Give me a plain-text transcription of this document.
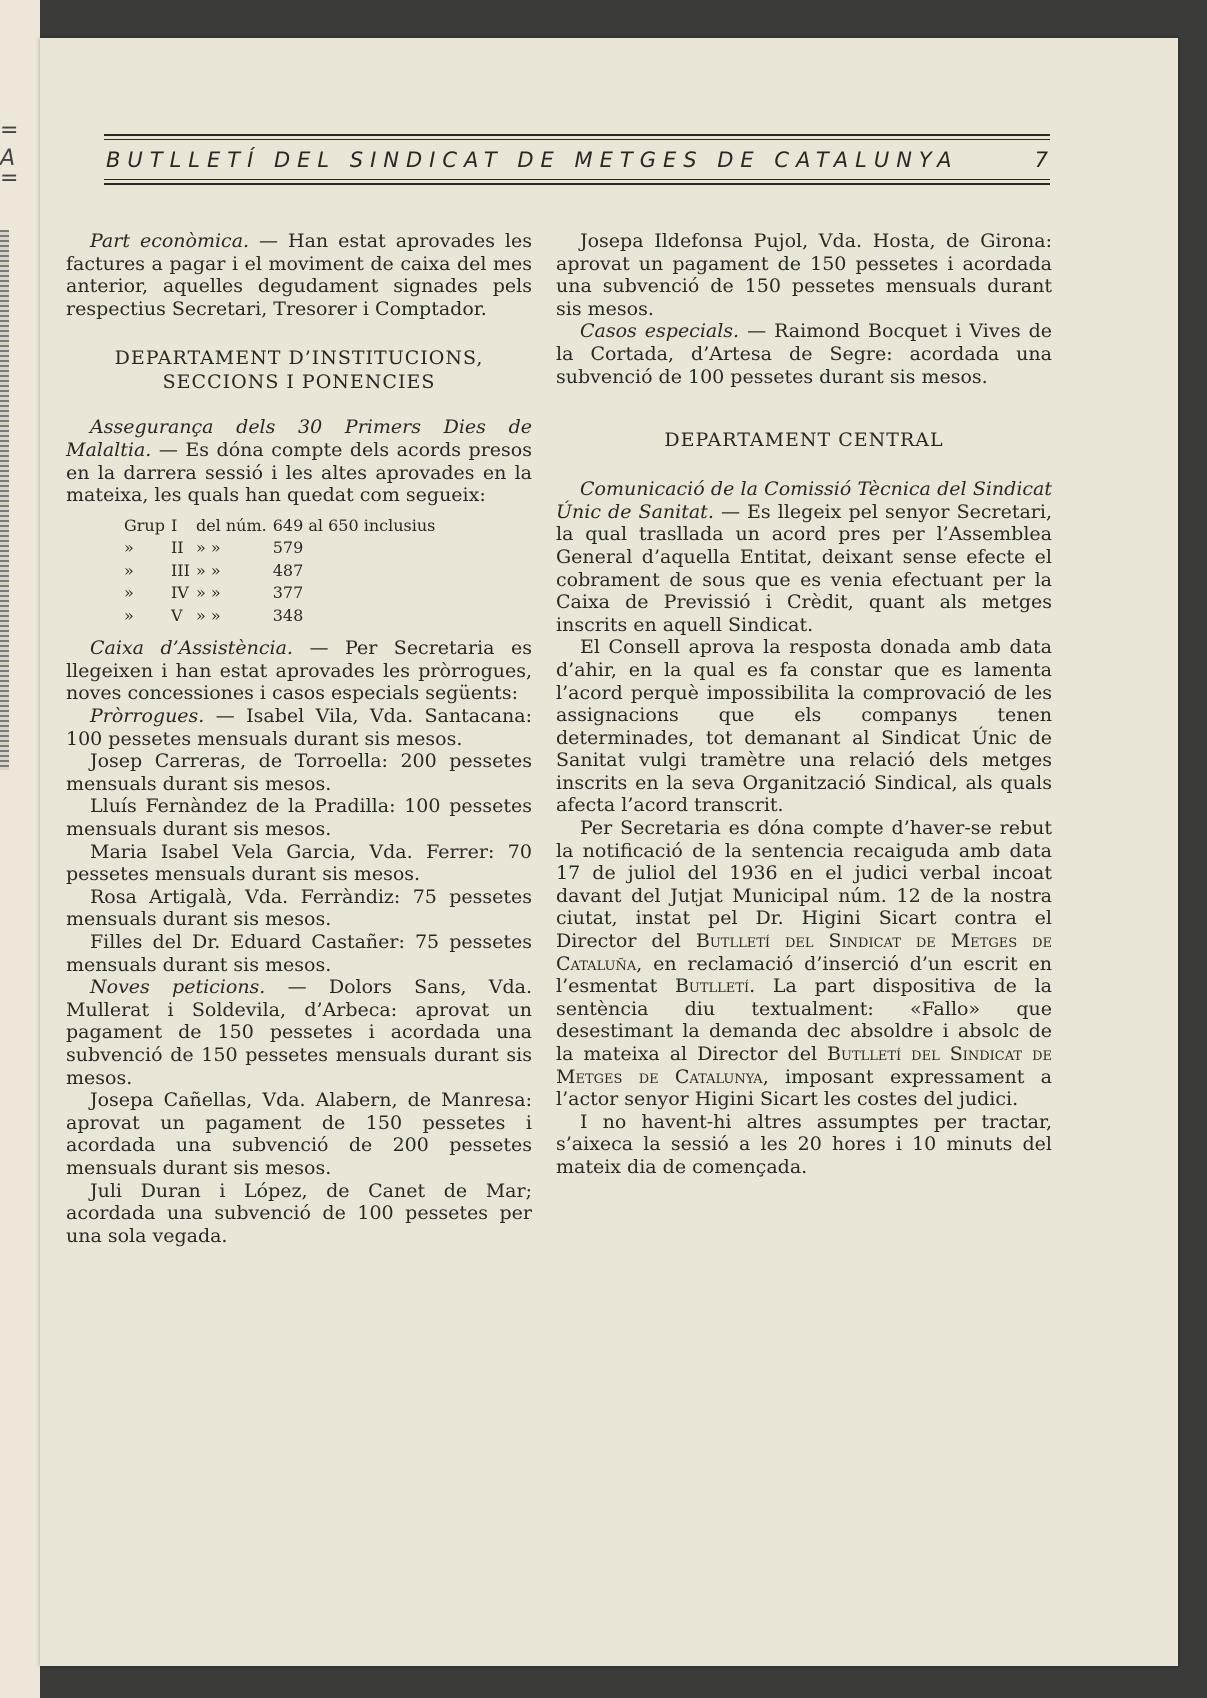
=
A
=
BUTLLETÍ DEL SINDICAT DE METGES DE CATALUNYA	7

Part econòmica. — Han estat aprovades les factures a pagar i el moviment de caixa del mes anterior, aquelles degudament signades pels respectius Secretari, Tresorer i Comptador.

DEPARTAMENT D’INSTITUCIONS,
SECCIONS I PONENCIES

Assegurança dels 30 Primers Dies de Malaltia. — Es dóna compte dels acords presos en la darrera sessió i les altes aprovades en la mateixa, les quals han quedat com segueix:

Grup	I	del núm.	649 al 650 inclusius
»	II	» »	579
»	III	» »	487
»	IV	» »	377
»	V	» »	348

Caixa d’Assistència. — Per Secretaria es llegeixen i han estat aprovades les pròrrogues, noves concessiones i casos especials següents:

Pròrrogues. — Isabel Vila, Vda. Santacana: 100 pessetes mensuals durant sis mesos.

Josep Carreras, de Torroella: 200 pessetes mensuals durant sis mesos.

Lluís Fernàndez de la Pradilla: 100 pessetes mensuals durant sis mesos.

Maria Isabel Vela Garcia, Vda. Ferrer: 70 pessetes mensuals durant sis mesos.

Rosa Artigalà, Vda. Ferràndiz: 75 pessetes mensuals durant sis mesos.

Filles del Dr. Eduard Castañer: 75 pessetes mensuals durant sis mesos.

Noves peticions. — Dolors Sans, Vda. Mullerat i Soldevila, d’Arbeca: aprovat un pagament de 150 pessetes i acordada una subvenció de 150 pessetes mensuals durant sis mesos.

Josepa Cañellas, Vda. Alabern, de Manresa: aprovat un pagament de 150 pessetes i acordada una subvenció de 200 pessetes mensuals durant sis mesos.

Juli Duran i López, de Canet de Mar; acordada una subvenció de 100 pessetes per una sola vegada.

Josepa Ildefonsa Pujol, Vda. Hosta, de Girona: aprovat un pagament de 150 pessetes i acordada una subvenció de 150 pessetes mensuals durant sis mesos.

Casos especials. — Raimond Bocquet i Vives de la Cortada, d’Artesa de Segre: acordada una subvenció de 100 pessetes durant sis mesos.

DEPARTAMENT CENTRAL

Comunicació de la Comissió Tècnica del Sindicat Únic de Sanitat. — Es llegeix pel senyor Secretari, la qual trasllada un acord pres per l’Assemblea General d’aquella Entitat, deixant sense efecte el cobrament de sous que es venia efectuant per la Caixa de Previssió i Crèdit, quant als metges inscrits en aquell Sindicat.

El Consell aprova la resposta donada amb data d’ahir, en la qual es fa constar que es lamenta l’acord perquè impossibilita la comprovació de les assignacions que els companys tenen determinades, tot demanant al Sindicat Únic de Sanitat vulgi tramètre una relació dels metges inscrits en la seva Organització Sindical, als quals afecta l’acord transcrit.

Per Secretaria es dóna compte d’haver-se rebut la notificació de la sentencia recaiguda amb data 17 de juliol del 1936 en el judici verbal incoat davant del Jutjat Municipal núm. 12 de la nostra ciutat, instat pel Dr. Higini Sicart contra el Director del Butlletí del Sindicat de Metges de Cataluña, en reclamació d’inserció d’un escrit en l’esmentat Butlletí. La part dispositiva de la sentència diu textualment: «Fallo» que desestimant la demanda dec absoldre i absolc de la mateixa al Director del Butlletí del Sindicat de Metges de Catalunya, imposant expressament a l’actor senyor Higini Sicart les costes del judici.

I no havent-hi altres assumptes per tractar, s’aixeca la sessió a les 20 hores i 10 minuts del mateix dia de començada.
